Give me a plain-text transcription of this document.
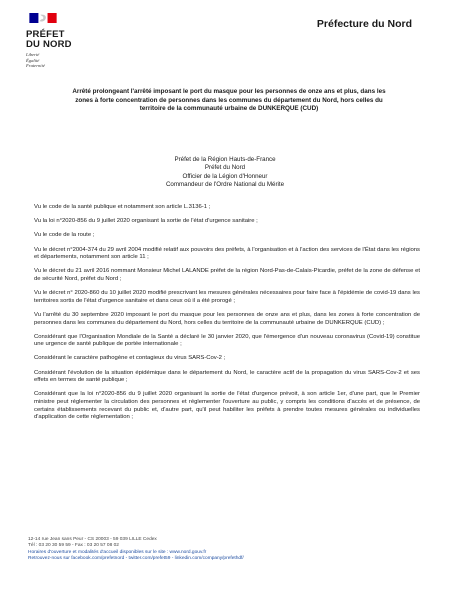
PRÉFET
DU NORD
Liberté
Égalité
Fraternité
Préfecture du Nord
Arrêté prolongeant l'arrêté imposant le port du masque pour les personnes de onze ans et plus, dans les
zones à forte concentration de personnes dans les communes du département du Nord, hors celles du
territoire de la communauté urbaine de DUNKERQUE (CUD)
Préfet de la Région Hauts-de-France
Préfet du Nord
Officier de la Légion d'Honneur
Commandeur de l'Ordre National du Mérite

Vu le code de la santé publique et notamment son article L.3136-1 ;

Vu la loi n°2020-856 du 9 juillet 2020 organisant la sortie de l'état d'urgence sanitaire ;

Vu le code de la route ;

Vu le décret n°2004-374 du 29 avril 2004 modifié relatif aux pouvoirs des préfets, à l'organisation et à l'action des services de l'État dans les régions et départements, notamment son article 11 ;

Vu le décret du 21 avril 2016 nommant Monsieur Michel LALANDE préfet de la région Nord-Pas-de-Calais-Picardie, préfet de la zone de défense et de sécurité Nord, préfet du Nord ;

Vu le décret n° 2020-860 du 10 juillet 2020 modifié prescrivant les mesures générales nécessaires pour faire face à l'épidémie de covid-19 dans les territoires sortis de l'état d'urgence sanitaire et dans ceux où il a été prorogé ;

Vu l'arrêté du 30 septembre 2020 imposant le port du masque pour les personnes de onze ans et plus, dans les zones à forte concentration de personnes dans les communes du département du Nord, hors celles du territoire de la communauté urbaine de DUNKERQUE (CUD) ;

Considérant que l'Organisation Mondiale de la Santé a déclaré le 30 janvier 2020, que l'émergence d'un nouveau coronavirus (Covid-19) constitue une urgence de santé publique de portée internationale ;

Considérant le caractère pathogène et contagieux du virus SARS-Cov-2 ;

Considérant l'évolution de la situation épidémique dans le département du Nord, le caractère actif de la propagation du virus SARS-Cov-2 et ses effets en termes de santé publique ;

Considérant que la loi n°2020-856 du 9 juillet 2020 organisant la sortie de l'état d'urgence prévoit, à son article 1er, d'une part, que le Premier ministre peut réglementer la circulation des personnes et réglementer l'ouverture au public, y compris les conditions d'accès et de présence, de certains établissements recevant du public et, d'autre part, qu'il peut habiliter les préfets à prendre toutes mesures générales ou individuelles d'application de cette réglementation ;

12-14 rue Jean sans Peur - CS 20003 - 59 039 LILLE Cedex
Tél : 03 20 30 59 59 - Fax : 03 20 57 08 02
Horaires d'ouverture et modalités d'accueil disponibles sur le site : www.nord.gouv.fr
Retrouvez-nous sur facebook.com/prefetnord - twitter.com/prefet59 - linkedin.com/company/prefethdf/
